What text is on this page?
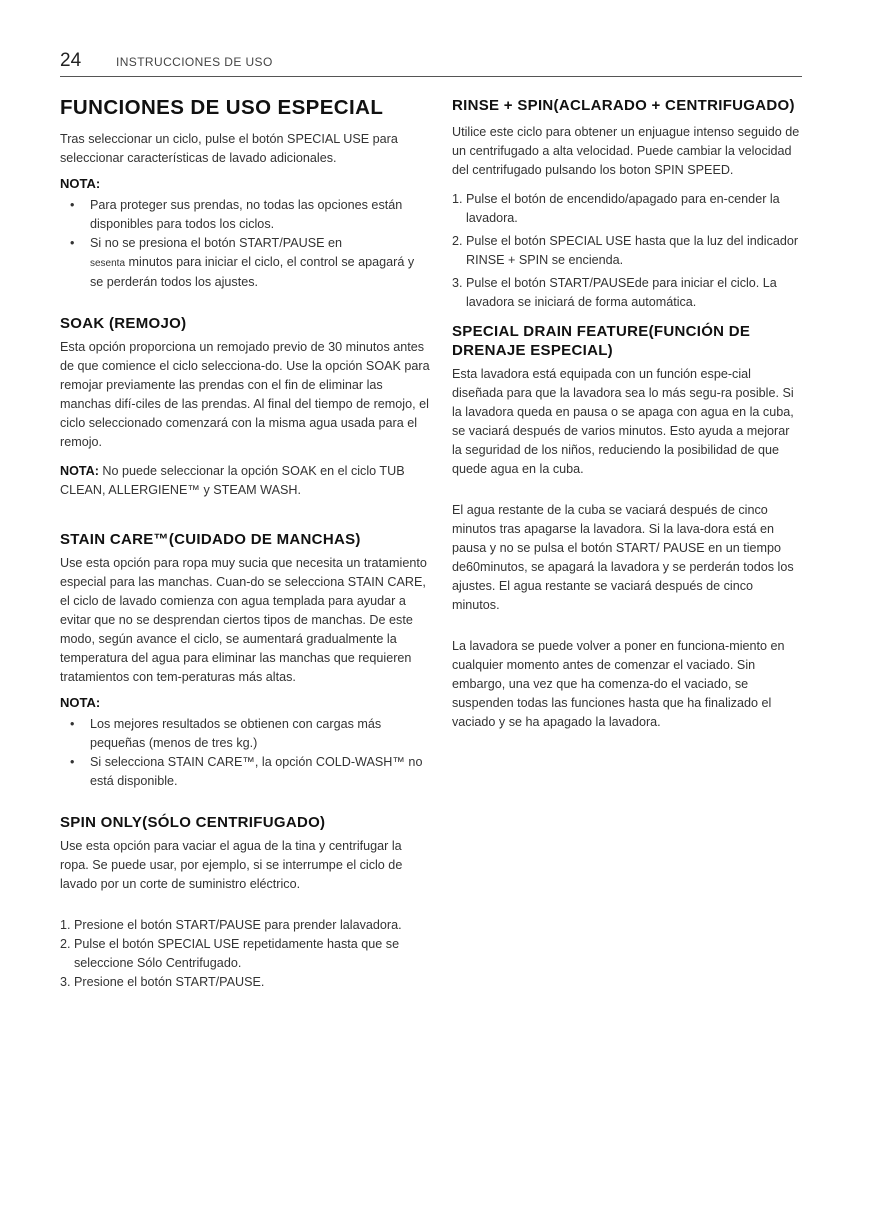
24	INSTRUCCIONES DE USO
FUNCIONES DE USO ESPECIAL

Tras seleccionar un ciclo, pulse el botón SPECIAL USE para seleccionar características de lavado adicionales.

NOTA:
• Para proteger sus prendas, no todas las opciones están disponibles para todos los ciclos.
• Si no se presiona el botón START/PAUSE en
sesenta minutos para iniciar el ciclo, el control se apagará y se perderán todos los ajustes.
SOAK (REMOJO)

Esta opción proporciona un remojado previo de 30 minutos antes de que comience el ciclo selecciona-do. Use la opción SOAK para remojar previamente las prendas con el fin de eliminar las manchas difí-ciles de las prendas. Al final del tiempo de remojo, el ciclo seleccionado comenzará con la misma agua usada para el remojo.

NOTA: No puede seleccionar la opción SOAK en el ciclo TUB CLEAN, ALLERGIENE™ y STEAM WASH.

STAIN CARE™(CUIDADO DE MANCHAS)

Use esta opción para ropa muy sucia que necesita un tratamiento especial para las manchas. Cuan-do se selecciona STAIN CARE, el ciclo de lavado comienza con agua templada para ayudar a evitar que no se desprendan ciertos tipos de manchas. De este modo, según avance el ciclo, se aumentará gradualmente la temperatura del agua para eliminar las manchas que requieren tratamientos con tem-peraturas más altas.

NOTA:
• Los mejores resultados se obtienen con cargas más pequeñas (menos de tres kg.)
• Si selecciona STAIN CARE™, la opción COLD-WASH™ no está disponible.
SPIN ONLY(SÓLO CENTRIFUGADO)

Use esta opción para vaciar el agua de la tina y centrifugar la ropa. Se puede usar, por ejemplo, si se interrumpe el ciclo de lavado por un corte de suministro eléctrico.

1. Presione el botón START/PAUSE para prender lalavadora.
2. Pulse el botón SPECIAL USE repetidamente hasta que se seleccione Sólo Centrifugado.
3. Presione el botón START/PAUSE.
RINSE + SPIN(ACLARADO + CENTRIFUGADO)

Utilice este ciclo para obtener un enjuague intenso seguido de un centrifugado a alta velocidad. Puede cambiar la velocidad del centrifugado pulsando los boton SPIN SPEED.

1. Pulse el botón de encendido/apagado para en-cender la lavadora.
2. Pulse el botón SPECIAL USE hasta que la luz del indicador RINSE + SPIN se encienda.
3. Pulse el botón START/PAUSEde para iniciar el ciclo. La lavadora se iniciará de forma automática.
SPECIAL DRAIN FEATURE(FUNCIÓN DE DRENAJE ESPECIAL)

Esta lavadora está equipada con un función espe-cial diseñada para que la lavadora sea lo más segu-ra posible. Si la lavadora queda en pausa o se apaga con agua en la cuba, se vaciará después de varios minutos. Esto ayuda a mejorar la seguridad de los niños, reduciendo la posibilidad de que quede agua en la cuba.

El agua restante de la cuba se vaciará después de cinco minutos tras apagarse la lavadora. Si la lava-dora está en pausa y no se pulsa el botón START/ PAUSE en un tiempo de60minutos, se apagará la lavadora y se perderán todos los ajustes. El agua restante se vaciará después de cinco minutos.

La lavadora se puede volver a poner en funciona-miento en cualquier momento antes de comenzar el vaciado. Sin embargo, una vez que ha comenza-do el vaciado, se suspenden todas las funciones hasta que ha finalizado el vaciado y se ha apagado la lavadora.
